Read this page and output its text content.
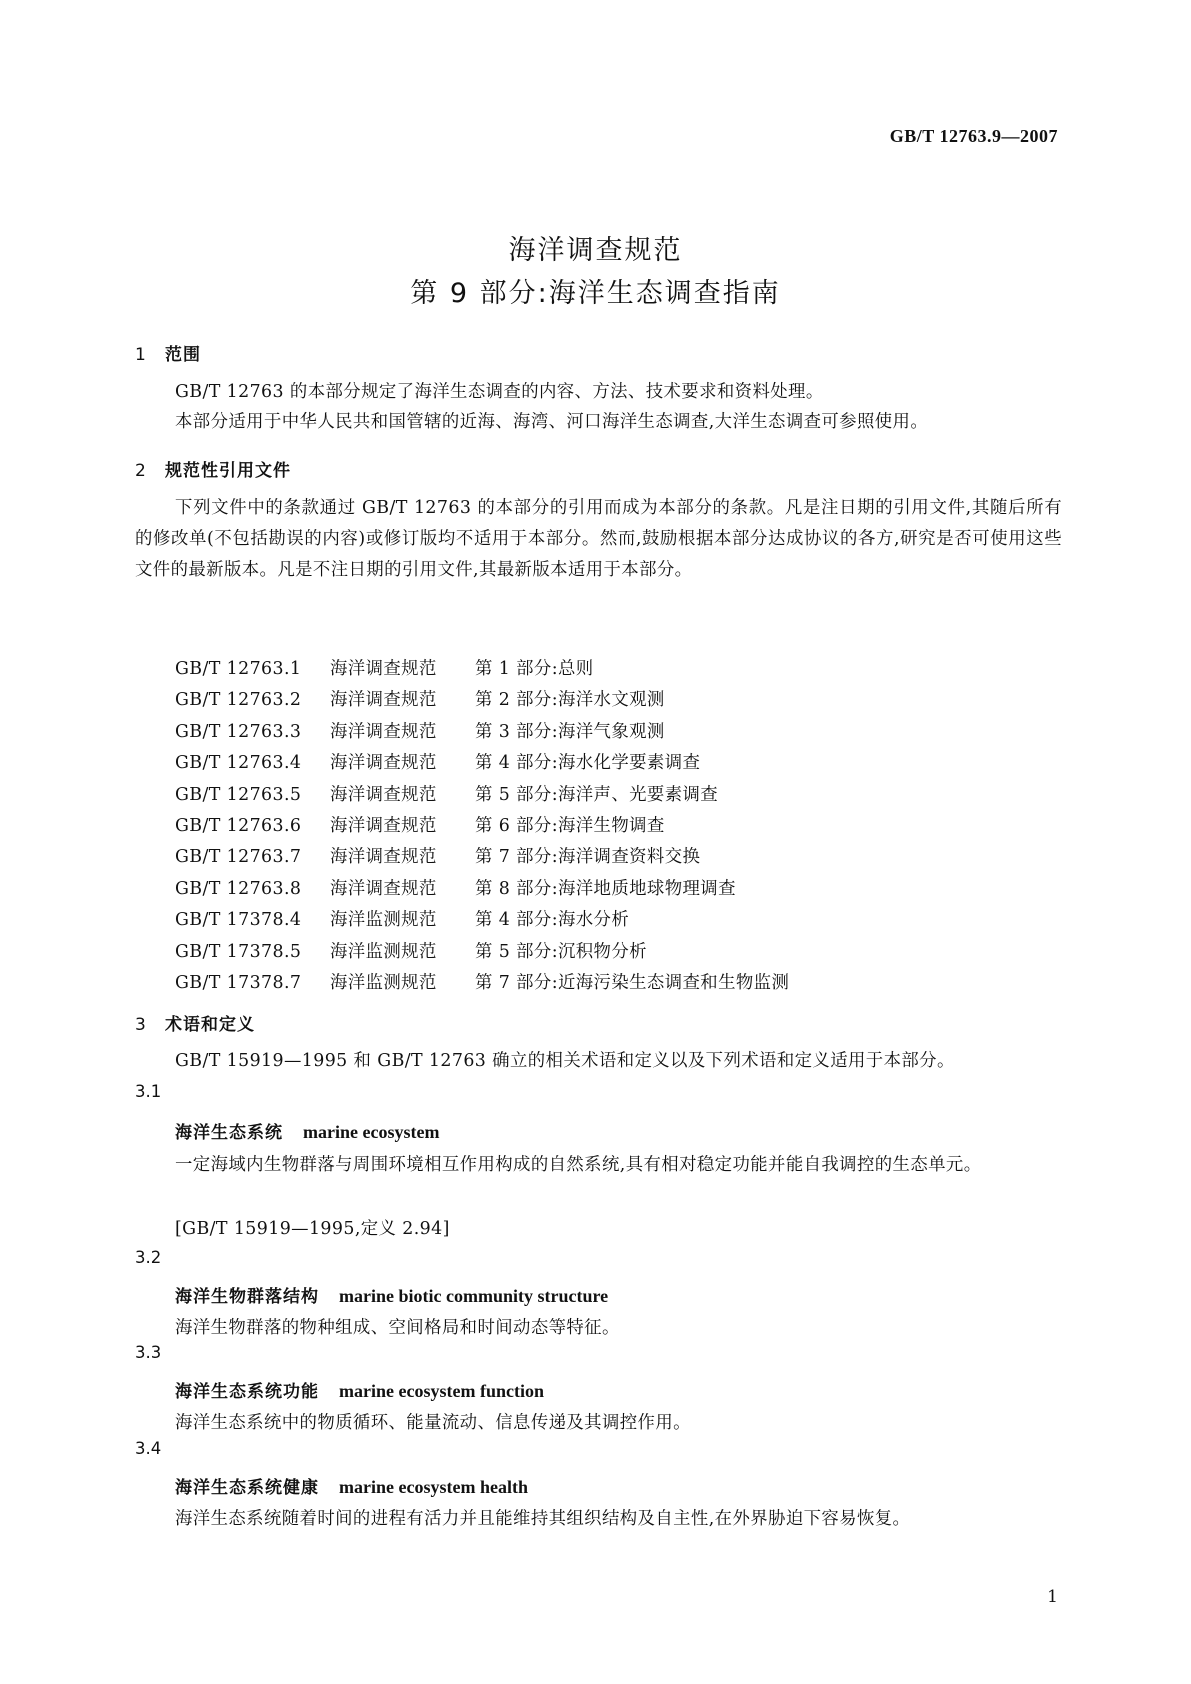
GB/T 12763.9—2007
海洋调查规范
第 9 部分:海洋生态调查指南
1 范围
GB/T 12763 的本部分规定了海洋生态调查的内容、方法、技术要求和资料处理。
本部分适用于中华人民共和国管辖的近海、海湾、河口海洋生态调查,大洋生态调查可参照使用。
2 规范性引用文件
下列文件中的条款通过 GB/T 12763 的本部分的引用而成为本部分的条款。凡是注日期的引用文件,其随后所有的修改单(不包括勘误的内容)或修订版均不适用于本部分。然而,鼓励根据本部分达成协议的各方,研究是否可使用这些文件的最新版本。凡是不注日期的引用文件,其最新版本适用于本部分。
GB/T 12763.1 海洋调查规范 第 1 部分:总则
GB/T 12763.2 海洋调查规范 第 2 部分:海洋水文观测
GB/T 12763.3 海洋调查规范 第 3 部分:海洋气象观测
GB/T 12763.4 海洋调查规范 第 4 部分:海水化学要素调查
GB/T 12763.5 海洋调查规范 第 5 部分:海洋声、光要素调查
GB/T 12763.6 海洋调查规范 第 6 部分:海洋生物调查
GB/T 12763.7 海洋调查规范 第 7 部分:海洋调查资料交换
GB/T 12763.8 海洋调查规范 第 8 部分:海洋地质地球物理调查
GB/T 17378.4 海洋监测规范 第 4 部分:海水分析
GB/T 17378.5 海洋监测规范 第 5 部分:沉积物分析
GB/T 17378.7 海洋监测规范 第 7 部分:近海污染生态调查和生物监测
3 术语和定义
GB/T 15919—1995 和 GB/T 12763 确立的相关术语和定义以及下列术语和定义适用于本部分。
3.1
海洋生态系统 marine ecosystem
一定海域内生物群落与周围环境相互作用构成的自然系统,具有相对稳定功能并能自我调控的生态单元。
[GB/T 15919—1995,定义 2.94]
3.2
海洋生物群落结构 marine biotic community structure
海洋生物群落的物种组成、空间格局和时间动态等特征。
3.3
海洋生态系统功能 marine ecosystem function
海洋生态系统中的物质循环、能量流动、信息传递及其调控作用。
3.4
海洋生态系统健康 marine ecosystem health
海洋生态系统随着时间的进程有活力并且能维持其组织结构及自主性,在外界胁迫下容易恢复。
1
